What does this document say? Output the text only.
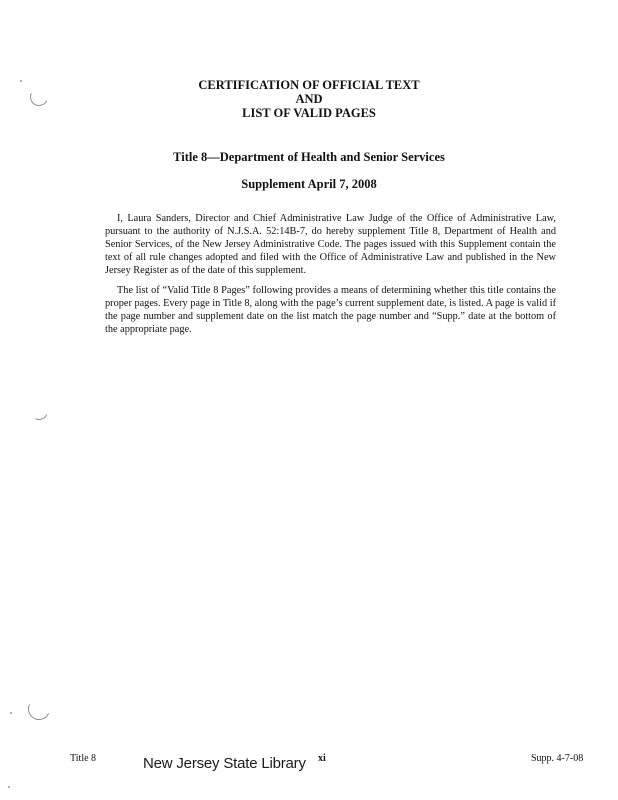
CERTIFICATION OF OFFICIAL TEXT
AND
LIST OF VALID PAGES
Title 8—Department of Health and Senior Services
Supplement April 7, 2008

I, Laura Sanders, Director and Chief Administrative Law Judge of the Office of Administrative Law, pursuant to the authority of N.J.S.A. 52:14B-7, do hereby supplement Title 8, Department of Health and Senior Services, of the New Jersey Administrative Code. The pages issued with this Supplement contain the text of all rule changes adopted and filed with the Office of Administrative Law and published in the New Jersey Register as of the date of this supplement.

The list of “Valid Title 8 Pages” following provides a means of determining whether this title contains the proper pages. Every page in Title 8, along with the page’s current supplement date, is listed. A page is valid if the page number and supplement date on the list match the page number and “Supp.” date at the bottom of the appropriate page.

Title 8	New Jersey State Library xi	Supp. 4-7-08
